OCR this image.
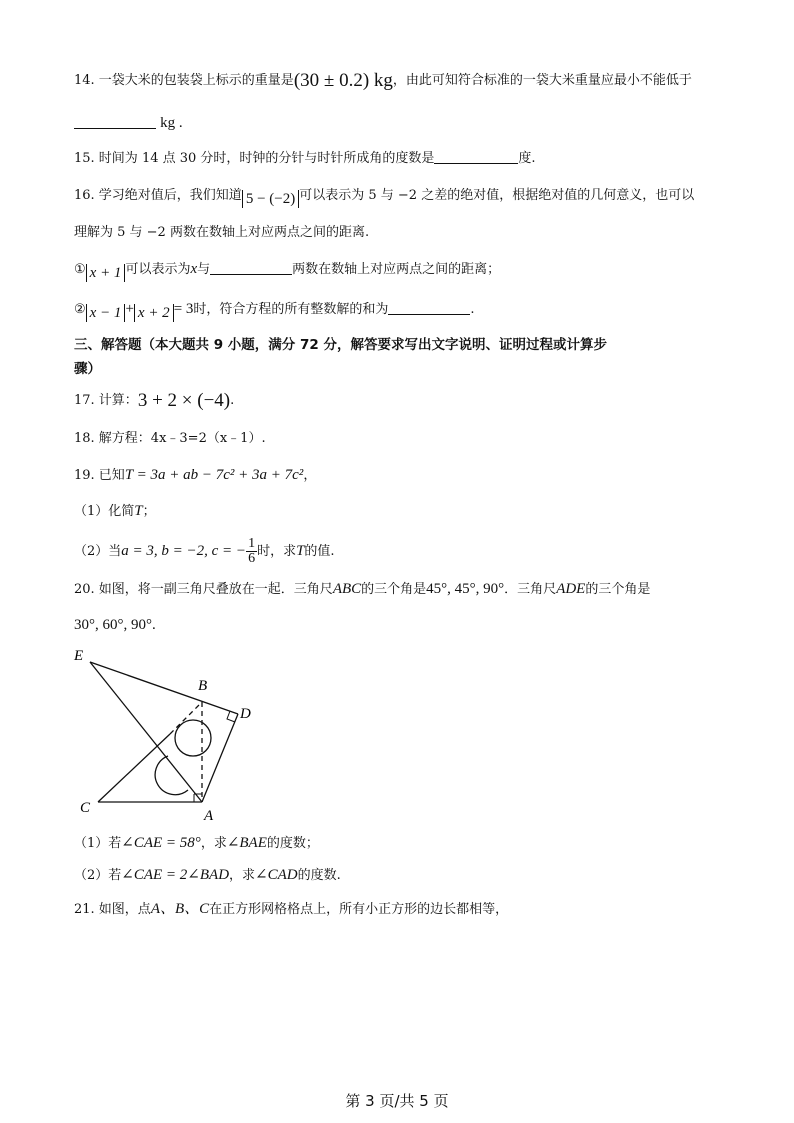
14. 一袋大米的包装袋上标示的重量是(30 ± 0.2) kg，由此可知符合标准的一袋大米重量应最小不能低于
kg .
15. 时间为 14 点 30 分时，时钟的分针与时针所成角的度数是	度.
16. 学习绝对值后，我们知道 5 − (−2) 可以表示为 5 与 −2 之差的绝对值，根据绝对值的几何意义，也可以
理解为 5 与 −2 两数在数轴上对应两点之间的距离.
① x + 1 可以表示为x与	两数在数轴上对应两点之间的距离；
② x − 1 + x + 2 = 3时，符合方程的所有整数解的和为	.
三、解答题（本大题共 9 小题，满分 72 分，解答要求写出文字说明、证明过程或计算步
骤）
17. 计算：3 + 2 × (−4).
18. 解方程：4x﹣3=2（x﹣1）.
19. 已知T = 3a + ab − 7c² + 3a + 7c²，
（1）化简T；
（2）当a = 3, b = −2, c = − $\frac{1}{6}$ 时，求T的值.
20. 如图，将一副三角尺叠放在一起．三角尺ABC的三个角是45°, 45°, 90°．三角尺ADE的三个角是
30°, 60°, 90°.
E
B
D
C	A
（1）若∠CAE = 58°，求∠BAE的度数；
（2）若∠CAE = 2∠BAD，求∠CAD的度数.
21. 如图，点A、B、C在正方形网格格点上，所有小正方形的边长都相等，
第 3 页/共 5 页
